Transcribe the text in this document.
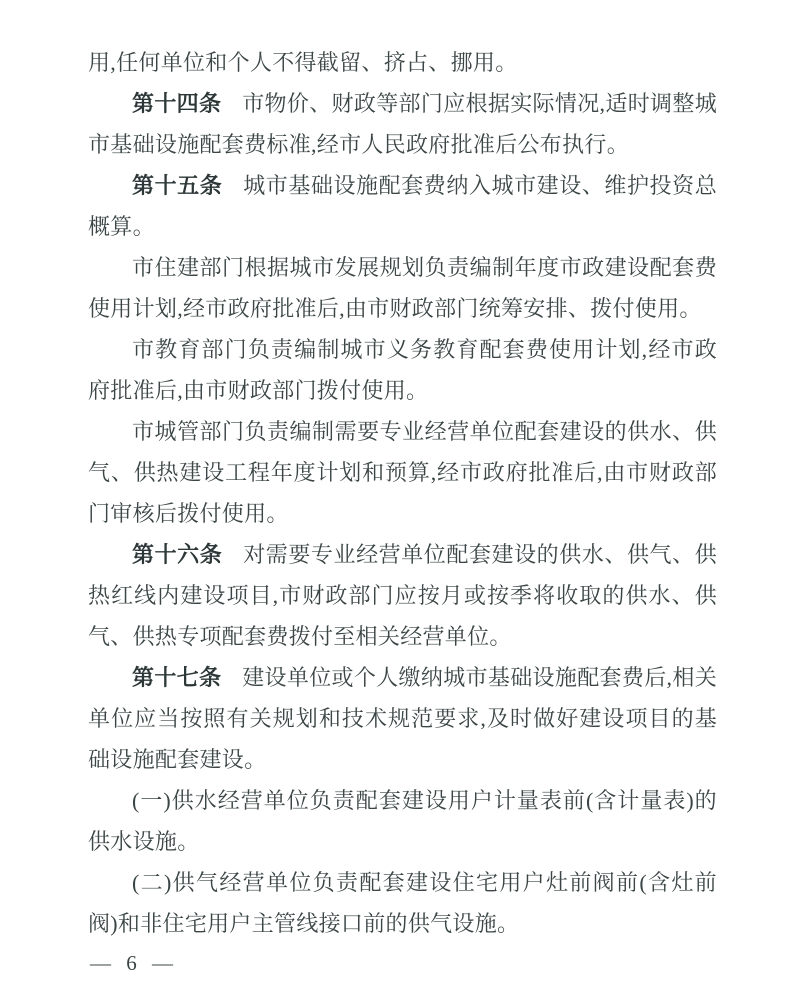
用,任何单位和个人不得截留、挤占、挪用。

第十四条 市物价、财政等部门应根据实际情况,适时调整城市基础设施配套费标准,经市人民政府批准后公布执行。

第十五条 城市基础设施配套费纳入城市建设、维护投资总概算。

市住建部门根据城市发展规划负责编制年度市政建设配套费使用计划,经市政府批准后,由市财政部门统筹安排、拨付使用。

市教育部门负责编制城市义务教育配套费使用计划,经市政府批准后,由市财政部门拨付使用。

市城管部门负责编制需要专业经营单位配套建设的供水、供气、供热建设工程年度计划和预算,经市政府批准后,由市财政部门审核后拨付使用。

第十六条 对需要专业经营单位配套建设的供水、供气、供热红线内建设项目,市财政部门应按月或按季将收取的供水、供气、供热专项配套费拨付至相关经营单位。

第十七条 建设单位或个人缴纳城市基础设施配套费后,相关单位应当按照有关规划和技术规范要求,及时做好建设项目的基础设施配套建设。

(一)供水经营单位负责配套建设用户计量表前(含计量表)的供水设施。

(二)供气经营单位负责配套建设住宅用户灶前阀前(含灶前阀)和非住宅用户主管线接口前的供气设施。

— 6 —
